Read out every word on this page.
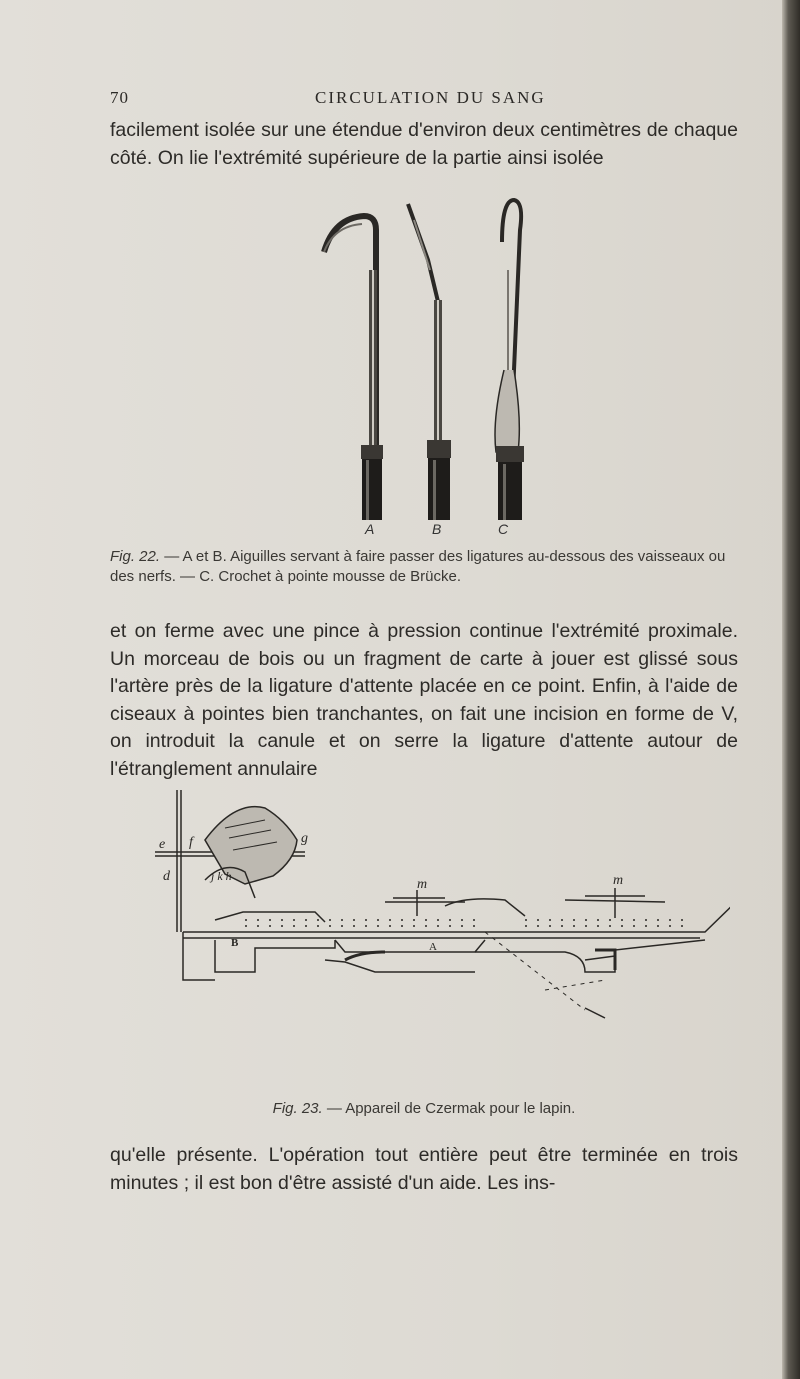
70	CIRCULATION DU SANG

facilement isolée sur une étendue d'environ deux centimètres de chaque côté. On lie l'extrémité supérieure de la partie ainsi isolée

A	B	C

Fig. 22. — A et B. Aiguilles servant à faire passer des ligatures au-dessous des vaisseaux ou des nerfs. — C. Crochet à pointe mousse de Brücke.

et on ferme avec une pince à pression continue l'extrémité proximale. Un morceau de bois ou un fragment de carte à jouer est glissé sous l'artère près de la ligature d'attente placée en ce point. Enfin, à l'aide de ciseaux à pointes bien tranchantes, on fait une incision en forme de V, on introduit la canule et on serre la ligature d'attente autour de l'étranglement annulaire

e f	g
d	j k h
m	m
B	A

Fig. 23. — Appareil de Czermak pour le lapin.

qu'elle présente. L'opération tout entière peut être terminée en trois minutes ; il est bon d'être assisté d'un aide. Les ins-
